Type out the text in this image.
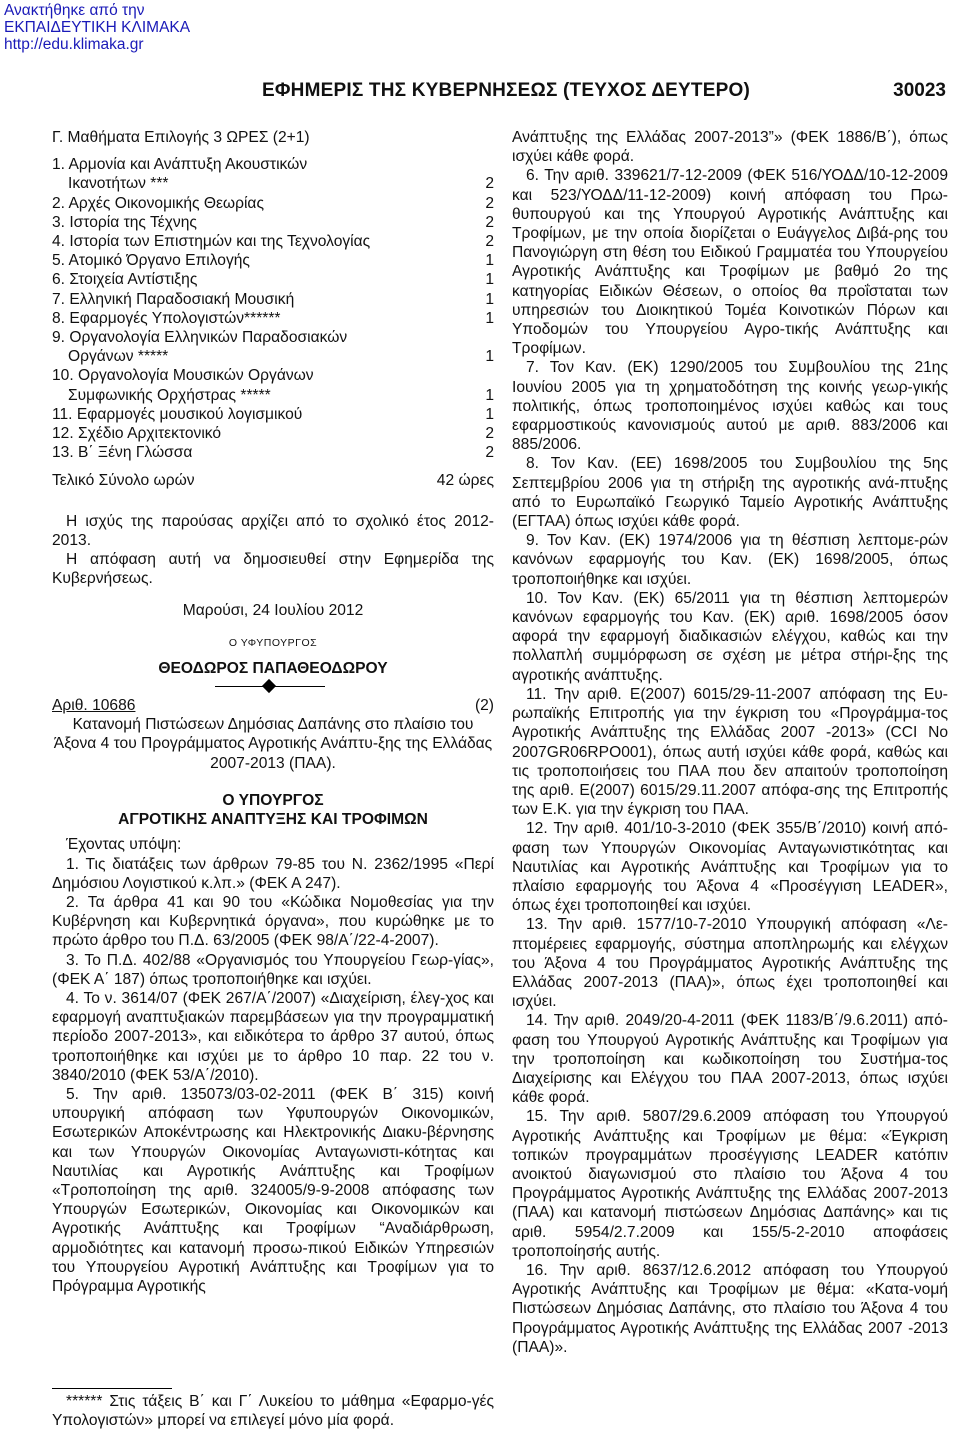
Ανακτήθηκε από την
ΕΚΠΑΙΔΕΥΤΙΚΗ ΚΛΙΜΑΚΑ
http://edu.klimaka.gr
ΕΦΗΜΕΡΙΣ ΤΗΣ ΚΥΒΕΡΝΗΣΕΩΣ (ΤΕΥΧΟΣ ΔΕΥΤΕΡΟ)	30023

Γ. Μαθήματα Επιλογής 3 ΩΡΕΣ (2+1)

1. Αρμονία και Ανάπτυξη Ακουστικών
Ικανοτήτων ***	2
2. Αρχές Οικονομικής Θεωρίας	2
3. Ιστορία της Τέχνης	2
4. Ιστορία των Επιστημών και της Τεχνολογίας	2
5. Ατομικό Όργανο Επιλογής	1
6. Στοιχεία Αντίστιξης	1
7. Ελληνική Παραδοσιακή Μουσική	1
8. Εφαρμογές Υπολογιστών******	1
9. Οργανολογία Ελληνικών Παραδοσιακών
Οργάνων *****	1
10. Οργανολογία Μουσικών Οργάνων
Συμφωνικής Ορχήστρας *****	1
11. Εφαρμογές μουσικού λογισμικού	1
12. Σχέδιο Αρχιτεκτονικό	2
13. Β΄ Ξένη Γλώσσα	2
Τελικό Σύνολο ωρών	42 ώρες

Η ισχύς της παρούσας αρχίζει από το σχολικό έτος 2012-2013.

Η απόφαση αυτή να δημοσιευθεί στην Εφημερίδα της Κυβερνήσεως.

Μαρούσι, 24 Ιουλίου 2012

Ο ΥΦΥΠΟΥΡΓΟΣ

ΘΕΟΔΩΡΟΣ ΠΑΠΑΘΕΟΔΩΡΟΥ

Αριθ. 10686	(2)

Κατανομή Πιστώσεων Δημόσιας Δαπάνης στο πλαίσιο του Άξονα 4 του Προγράμματος Αγροτικής Ανάπτυ-ξης της Ελλάδας 2007-2013 (ΠΑΑ).

Ο ΥΠΟΥΡΓΟΣ

ΑΓΡΟΤΙΚΗΣ ΑΝΑΠΤΥΞΗΣ ΚΑΙ ΤΡΟΦΙΜΩΝ

Έχοντας υπόψη:

1. Τις διατάξεις των άρθρων 79-85 του Ν. 2362/1995 «Περί Δημόσιου Λογιστικού κ.λπ.» (ΦΕΚ Α 247).

2. Τα άρθρα 41 και 90 του «Κώδικα Νομοθεσίας για την Κυβέρνηση και Κυβερνητικά όργανα», που κυρώθηκε με το πρώτο άρθρο του Π.Δ. 63/2005 (ΦΕΚ 98/Α΄/22-4-2007).

3. Το Π.Δ. 402/88 «Οργανισμός του Υπουργείου Γεωρ-γίας», (ΦΕΚ Α΄ 187) όπως τροποποιήθηκε και ισχύει.

4. Το ν. 3614/07 (ΦΕΚ 267/Α΄/2007) «Διαχείριση, έλεγ-χος και εφαρμογή αναπτυξιακών παρεμβάσεων για την προγραμματική περίοδο 2007-2013», και ειδικότερα το άρθρο 37 αυτού, όπως τροποποιήθηκε και ισχύει με το άρθρο 10 παρ. 22 του ν. 3840/2010 (ΦΕΚ 53/Α΄/2010).

5. Την αριθ. 135073/03-02-2011 (ΦΕΚ Β΄ 315) κοινή υπουργική απόφαση των Υφυπουργών Οικονομικών, Εσωτερικών Αποκέντρωσης και Ηλεκτρονικής Διακυ-βέρνησης και των Υπουργών Οικονομίας Ανταγωνιστι-κότητας και Ναυτιλίας και Αγροτικής Ανάπτυξης και Τροφίμων «Τροποποίηση της αριθ. 324005/9-9-2008 απόφασης των Υπουργών Εσωτερικών, Οικονομίας και Οικονομικών και Αγροτικής Ανάπτυξης και Τροφίμων “Αναδιάρθρωση, αρμοδιότητες και κατανομή προσω-πικού Ειδικών Υπηρεσιών του Υπουργείου Αγροτική Ανάπτυξης και Τροφίμων για το Πρόγραμμα Αγροτικής

****** Στις τάξεις Β΄ και Γ΄ Λυκείου το μάθημα «Εφαρμο-γές Υπολογιστών» μπορεί να επιλεγεί μόνο μία φορά.

Ανάπτυξης της Ελλάδας 2007-2013”» (ΦΕΚ 1886/Β΄), όπως ισχύει κάθε φορά.

6. Την αριθ. 339621/7-12-2009 (ΦΕΚ 516/ΥΟΔΔ/10-12-2009 και 523/ΥΟΔΔ/11-12-2009) κοινή απόφαση του Πρω-θυπουργού και της Υπουργού Αγροτικής Ανάπτυξης και Τροφίμων, με την οποία διορίζεται ο Ευάγγελος Διβά-ρης του Πανογιώργη στη θέση του Ειδικού Γραμματέα του Υπουργείου Αγροτικής Ανάπτυξης και Τροφίμων με βαθμό 2ο της κατηγορίας Ειδικών Θέσεων, ο οποίος θα προΐσταται των υπηρεσιών του Διοικητικού Τομέα Κοινοτικών Πόρων και Υποδομών του Υπουργείου Αγρο-τικής Ανάπτυξης και Τροφίμων.

7. Τον Καν. (ΕΚ) 1290/2005 του Συμβουλίου της 21ης Ιουνίου 2005 για τη χρηματοδότηση της κοινής γεωρ-γικής πολιτικής, όπως τροποποιημένος ισχύει καθώς και τους εφαρμοστικούς κανονισμούς αυτού με αριθ. 883/2006 και 885/2006.

8. Τον Καν. (ΕΕ) 1698/2005 του Συμβουλίου της 5ης Σεπτεμβρίου 2006 για τη στήριξη της αγροτικής ανά-πτυξης από το Ευρωπαϊκό Γεωργικό Ταμείο Αγροτικής Ανάπτυξης (ΕΓΤΑΑ) όπως ισχύει κάθε φορά.

9. Τον Καν. (ΕΚ) 1974/2006 για τη θέσπιση λεπτομε-ρών κανόνων εφαρμογής του Καν. (ΕΚ) 1698/2005, όπως τροποποιήθηκε και ισχύει.

10. Τον Καν. (ΕΚ) 65/2011 για τη θέσπιση λεπτομερών κανόνων εφαρμογής του Καν. (ΕΚ) αριθ. 1698/2005 όσον αφορά την εφαρμογή διαδικασιών ελέγχου, καθώς και την πολλαπλή συμμόρφωση σε σχέση με μέτρα στήρι-ξης της αγροτικής ανάπτυξης.

11. Την αριθ. Ε(2007) 6015/29-11-2007 απόφαση της Ευ-ρωπαϊκής Επιτροπής για την έγκριση του «Προγράμμα-τος Αγροτικής Ανάπτυξης της Ελλάδας 2007 -2013» (CCI Νο 2007GR06RPO001), όπως αυτή ισχύει κάθε φορά, καθώς και τις τροποποιήσεις του ΠΑΑ που δεν απαιτούν τροποποίηση της αριθ. Ε(2007) 6015/29.11.2007 απόφα-σης της Επιτροπής των Ε.Κ. για την έγκριση του ΠΑΑ.

12. Την αριθ. 401/10-3-2010 (ΦΕΚ 355/Β΄/2010) κοινή από-φαση των Υπουργών Οικονομίας Ανταγωνιστικότητας και Ναυτιλίας και Αγροτικής Ανάπτυξης και Τροφίμων για το πλαίσιο εφαρμογής του Άξονα 4 «Προσέγγιση LEADER», όπως έχει τροποποιηθεί και ισχύει.

13. Την αριθ. 1577/10-7-2010 Υπουργική απόφαση «Λε-πτομέρειες εφαρμογής, σύστημα αποπληρωμής και ελέγχων του Άξονα 4 του Προγράμματος Αγροτικής Ανάπτυξης της Ελλάδας 2007-2013 (ΠΑΑ)», όπως έχει τροποποιηθεί και ισχύει.

14. Την αριθ. 2049/20-4-2011 (ΦΕΚ 1183/Β΄/9.6.2011) από-φαση του Υπουργού Αγροτικής Ανάπτυξης και Τροφίμων για την τροποποίηση και κωδικοποίηση του Συστήμα-τος Διαχείρισης και Ελέγχου του ΠΑΑ 2007-2013, όπως ισχύει κάθε φορά.

15. Την αριθ. 5807/29.6.2009 απόφαση του Υπουργού Αγροτικής Ανάπτυξης και Τροφίμων με θέμα: «Έγκριση τοπικών προγραμμάτων προσέγγισης LEADER κατόπιν ανοικτού διαγωνισμού στο πλαίσιο του Άξονα 4 του Προγράμματος Αγροτικής Ανάπτυξης της Ελλάδας 2007-2013 (ΠΑΑ) και κατανομή πιστώσεων Δημόσιας Δαπάνης» και τις αριθ. 5954/2.7.2009 και 155/5-2-2010 αποφάσεις τροποποίησής αυτής.

16. Την αριθ. 8637/12.6.2012 απόφαση του Υπουργού Αγροτικής Ανάπτυξης και Τροφίμων με θέμα: «Κατα-νομή Πιστώσεων Δημόσιας Δαπάνης, στο πλαίσιο του Άξονα 4 του Προγράμματος Αγροτικής Ανάπτυξης της Ελλάδας 2007 -2013 (ΠΑΑ)».
